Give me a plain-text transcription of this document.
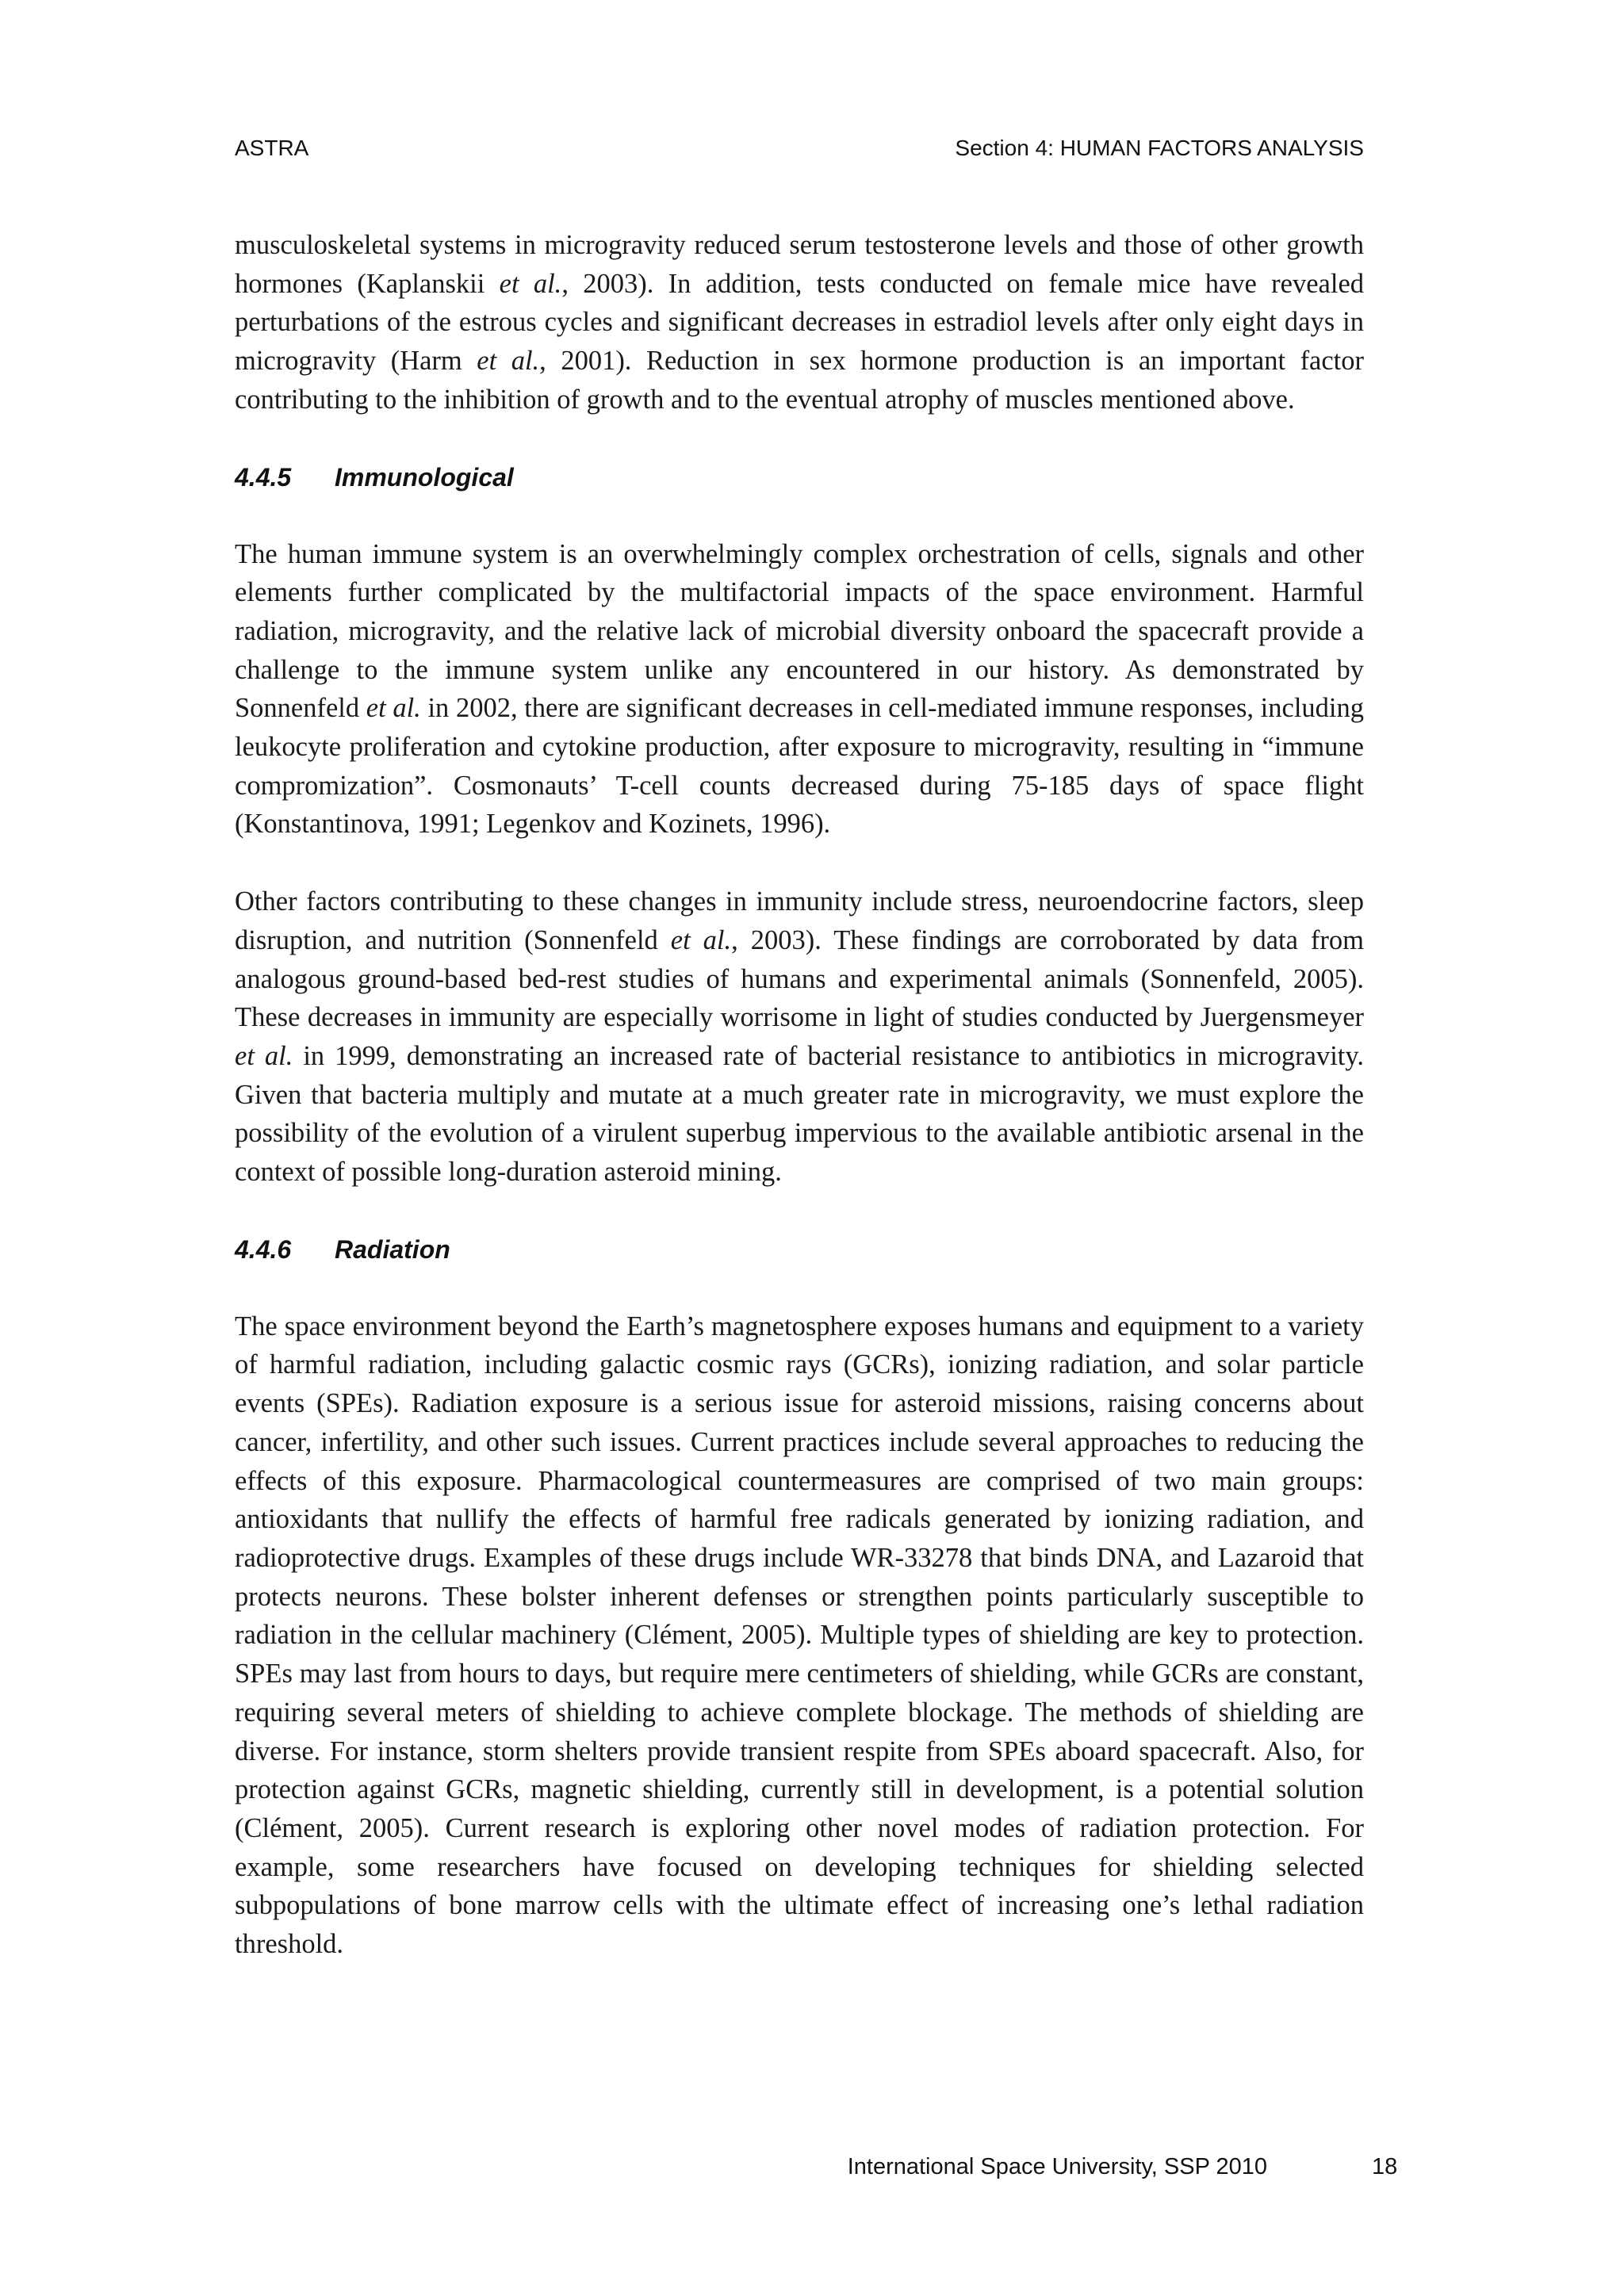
ASTRA	Section 4: HUMAN FACTORS ANALYSIS

musculoskeletal systems in microgravity reduced serum testosterone levels and those of other growth hormones (Kaplanskii et al., 2003). In addition, tests conducted on female mice have revealed perturbations of the estrous cycles and significant decreases in estradiol levels after only eight days in microgravity (Harm et al., 2001). Reduction in sex hormone production is an important factor contributing to the inhibition of growth and to the eventual atrophy of muscles mentioned above.

4.4.5 Immunological

The human immune system is an overwhelmingly complex orchestration of cells, signals and other elements further complicated by the multifactorial impacts of the space environment. Harmful radiation, microgravity, and the relative lack of microbial diversity onboard the spacecraft provide a challenge to the immune system unlike any encountered in our history. As demonstrated by Sonnenfeld et al. in 2002, there are significant decreases in cell-mediated immune responses, including leukocyte proliferation and cytokine production, after exposure to microgravity, resulting in “immune compromization”. Cosmonauts’ T-cell counts decreased during 75-185 days of space flight (Konstantinova, 1991; Legenkov and Kozinets, 1996).

Other factors contributing to these changes in immunity include stress, neuroendocrine factors, sleep disruption, and nutrition (Sonnenfeld et al., 2003). These findings are corroborated by data from analogous ground-based bed-rest studies of humans and experimental animals (Sonnenfeld, 2005). These decreases in immunity are especially worrisome in light of studies conducted by Juergensmeyer et al. in 1999, demonstrating an increased rate of bacterial resistance to antibiotics in microgravity. Given that bacteria multiply and mutate at a much greater rate in microgravity, we must explore the possibility of the evolution of a virulent superbug impervious to the available antibiotic arsenal in the context of possible long-duration asteroid mining.

4.4.6 Radiation

The space environment beyond the Earth’s magnetosphere exposes humans and equipment to a variety of harmful radiation, including galactic cosmic rays (GCRs), ionizing radiation, and solar particle events (SPEs). Radiation exposure is a serious issue for asteroid missions, raising concerns about cancer, infertility, and other such issues. Current practices include several approaches to reducing the effects of this exposure. Pharmacological countermeasures are comprised of two main groups: antioxidants that nullify the effects of harmful free radicals generated by ionizing radiation, and radioprotective drugs. Examples of these drugs include WR-33278 that binds DNA, and Lazaroid that protects neurons. These bolster inherent defenses or strengthen points particularly susceptible to radiation in the cellular machinery (Clément, 2005). Multiple types of shielding are key to protection. SPEs may last from hours to days, but require mere centimeters of shielding, while GCRs are constant, requiring several meters of shielding to achieve complete blockage. The methods of shielding are diverse. For instance, storm shelters provide transient respite from SPEs aboard spacecraft. Also, for protection against GCRs, magnetic shielding, currently still in development, is a potential solution (Clément, 2005). Current research is exploring other novel modes of radiation protection. For example, some researchers have focused on developing techniques for shielding selected subpopulations of bone marrow cells with the ultimate effect of increasing one’s lethal radiation threshold.

International Space University, SSP 2010	18
